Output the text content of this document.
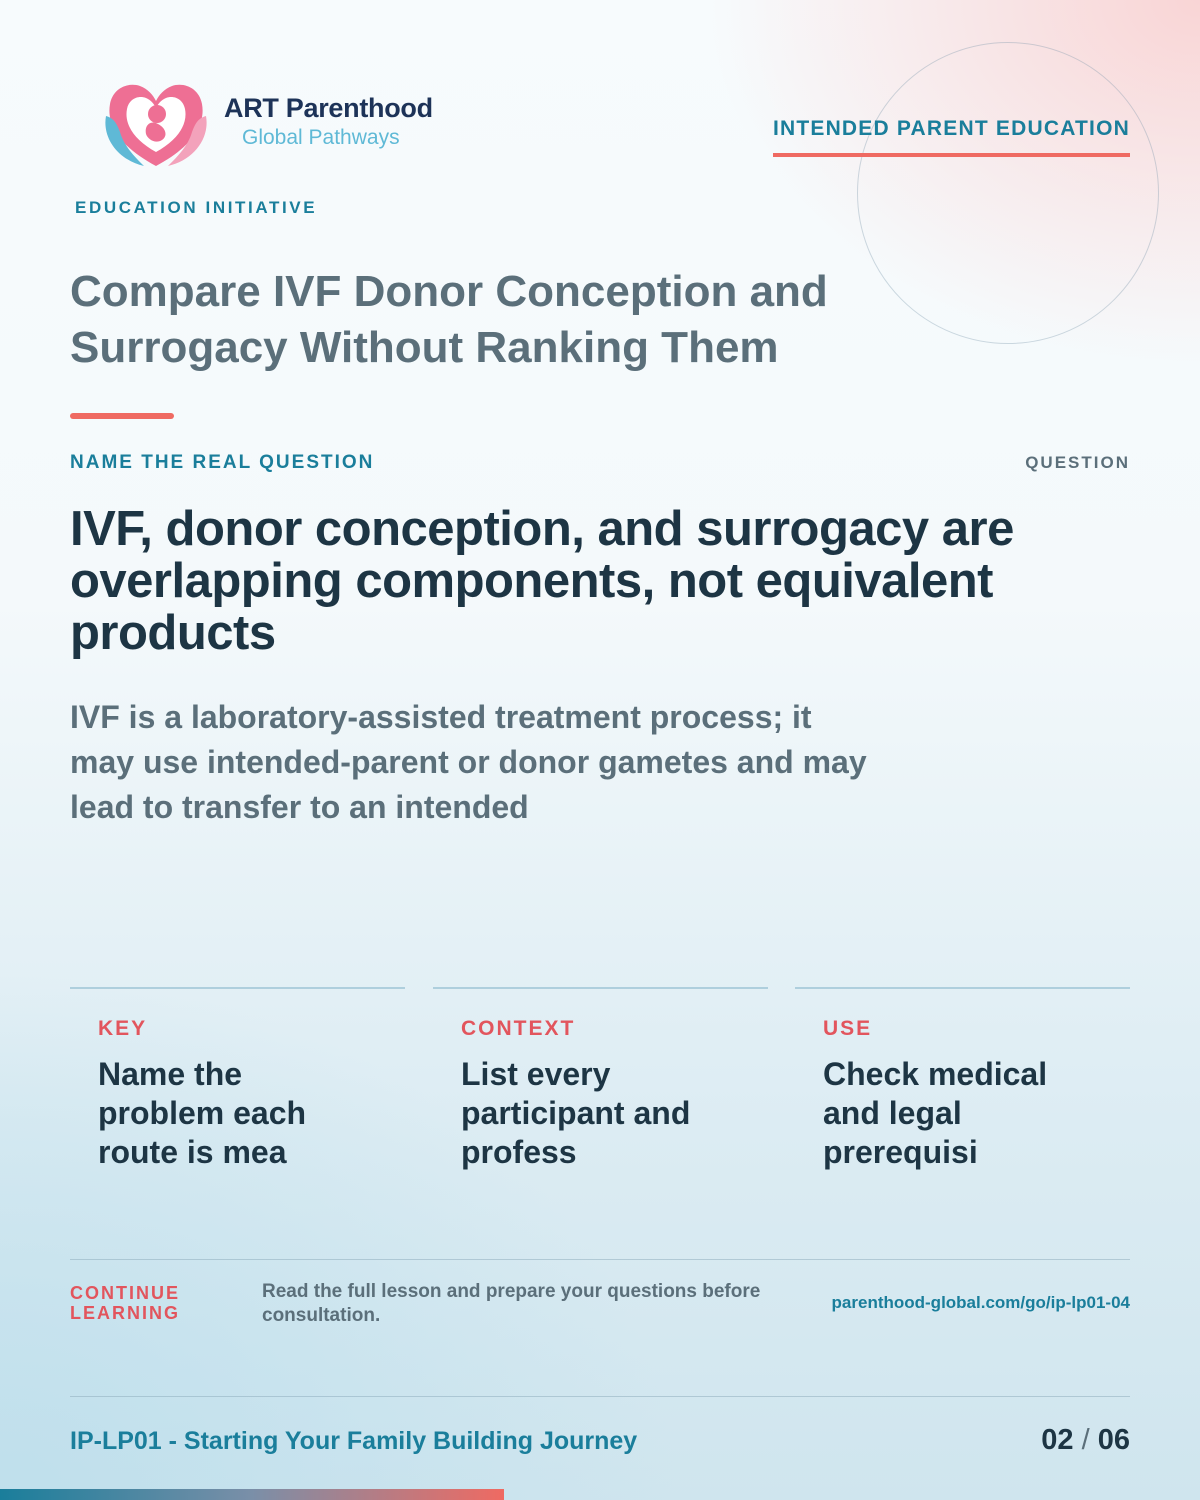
ART Parenthood
Global Pathways
EDUCATION INITIATIVE
INTENDED PARENT EDUCATION
Compare IVF Donor Conception and Surrogacy Without Ranking Them
NAME THE REAL QUESTION	QUESTION
IVF, donor conception, and surrogacy are overlapping components, not equivalent products

IVF is a laboratory-assisted treatment process; it may use intended-parent or donor gametes and may lead to transfer to an intended

KEY

Name the problem each route is mea

CONTEXT

List every participant and profess

USE

Check medical and legal prerequisi

CONTINUE LEARNING
Read the full lesson and prepare your questions before consultation.
parenthood-global.com/go/ip-lp01-04
IP-LP01 - Starting Your Family Building Journey	02 / 06
